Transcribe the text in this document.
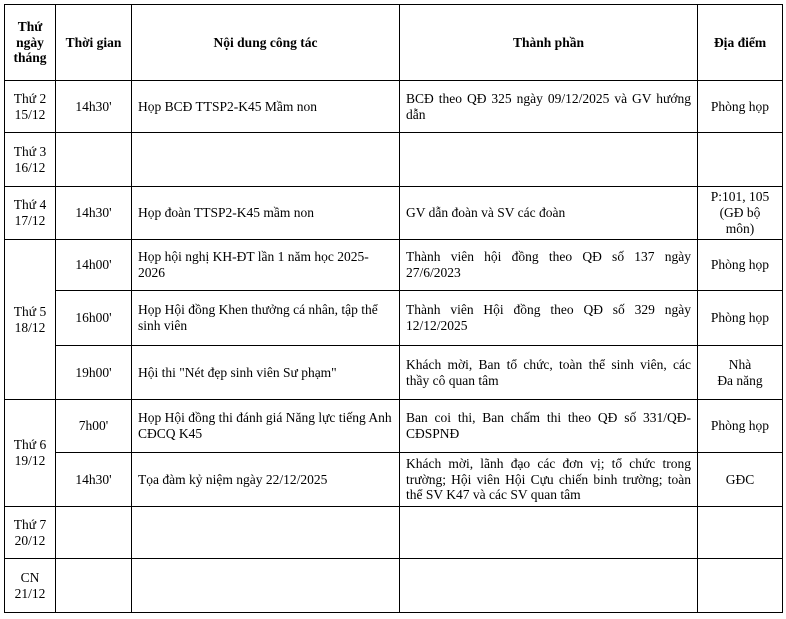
Thứ
ngày
tháng	Thời gian	Nội dung công tác	Thành phần	Địa điểm

Thứ 2
15/12	14h30'	Họp BCĐ TTSP2-K45 Mầm non	BCĐ theo QĐ 325 ngày 09/12/2025 và GV hướng dẫn	Phòng họp

Thứ 3
16/12				

Thứ 4
17/12	14h30'	Họp đoàn TTSP2-K45 mầm non	GV dẫn đoàn và SV các đoàn	P:101, 105
(GĐ bộ môn)

Thứ 5
18/12	14h00'	Họp hội nghị KH-ĐT lần 1 năm học 2025-2026	Thành viên hội đồng theo QĐ số 137 ngày 27/6/2023	Phòng họp

	16h00'	Họp Hội đồng Khen thưởng cá nhân, tập thể sinh viên	Thành viên Hội đồng theo QĐ số 329 ngày 12/12/2025	Phòng họp

	19h00'	Hội thi "Nét đẹp sinh viên Sư phạm"	Khách mời, Ban tổ chức, toàn thể sinh viên, các thầy cô quan tâm	Nhà
Đa năng

Thứ 6
19/12	7h00'	Họp Hội đồng thi đánh giá Năng lực tiếng Anh CĐCQ K45	Ban coi thi, Ban chấm thi theo QĐ số 331/QĐ-CĐSPNĐ	Phòng họp

	14h30'	Tọa đàm kỷ niệm ngày 22/12/2025	Khách mời, lãnh đạo các đơn vị; tổ chức trong trường; Hội viên Hội Cựu chiến binh trường; toàn thể SV K47 và các SV quan tâm	GĐC

Thứ 7
20/12				

CN
21/12				
